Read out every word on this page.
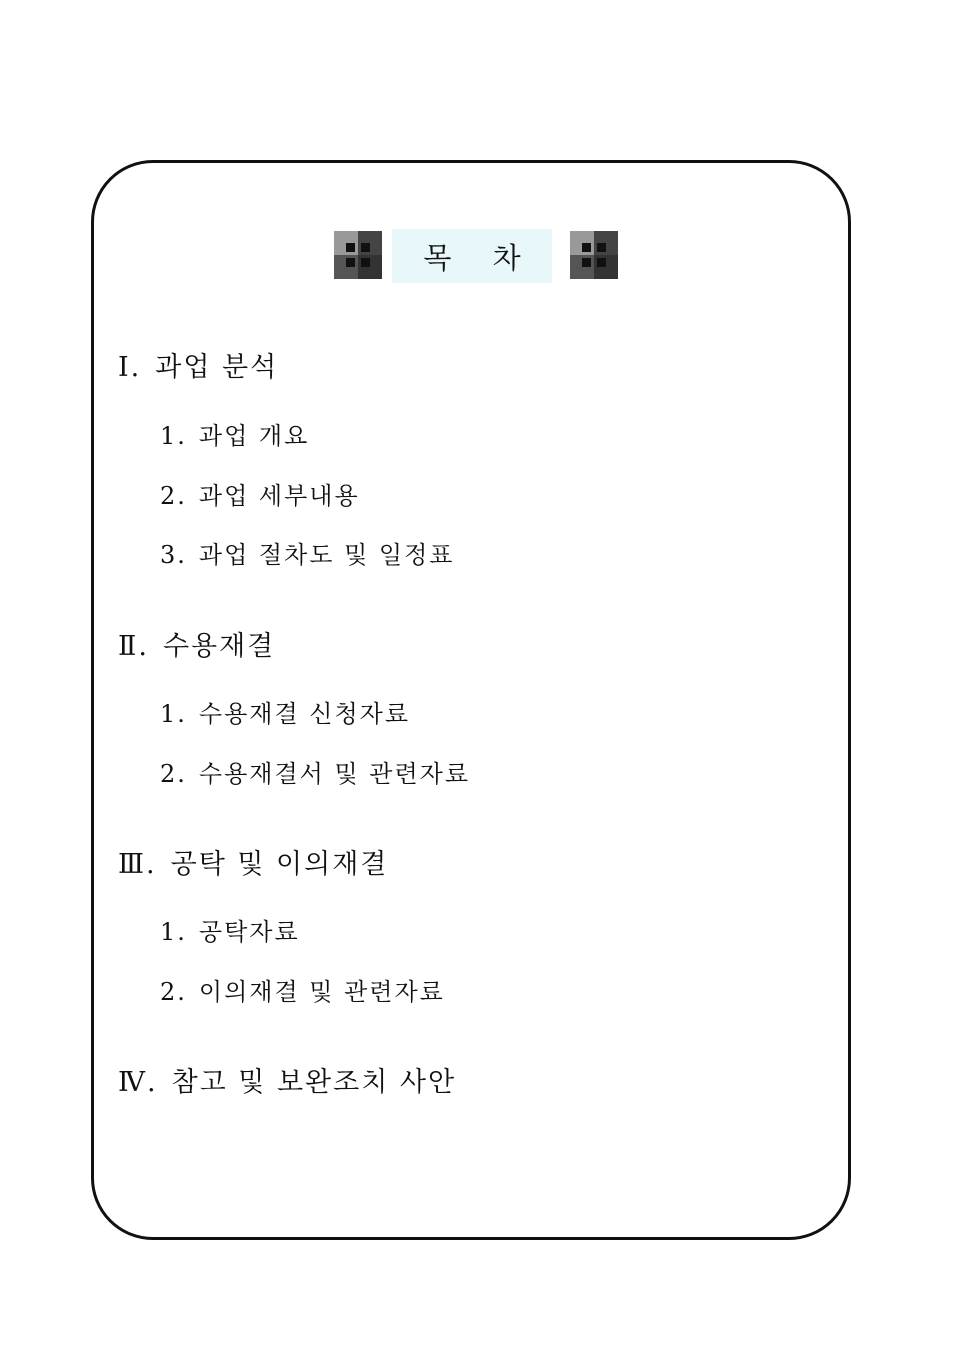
목 차
Ⅰ. 과업 분석
1. 과업 개요
2. 과업 세부내용
3. 과업 절차도 및 일정표
Ⅱ. 수용재결
1. 수용재결 신청자료
2. 수용재결서 및 관련자료
Ⅲ. 공탁 및 이의재결
1. 공탁자료
2. 이의재결 및 관련자료
Ⅳ. 참고 및 보완조치 사안
